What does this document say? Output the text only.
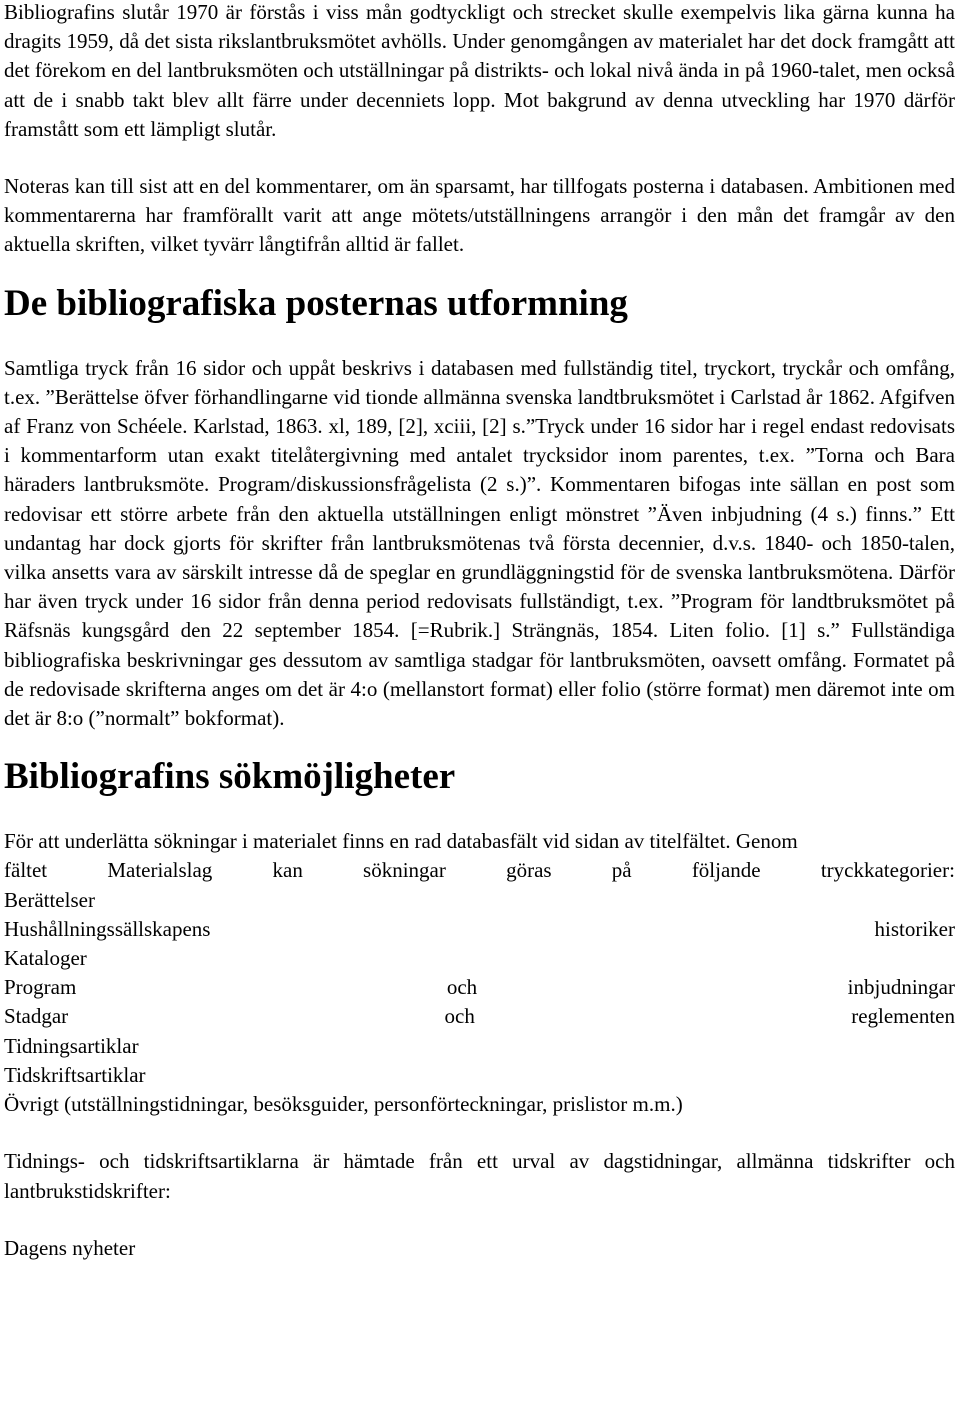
Bibliografins slutår 1970 är förstås i viss mån godtyckligt och strecket skulle exempelvis lika gärna kunna ha dragits 1959, då det sista rikslantbruksmötet avhölls. Under genomgången av materialet har det dock framgått att det förekom en del lantbruksmöten och utställningar på distrikts- och lokal nivå ända in på 1960-talet, men också att de i snabb takt blev allt färre under decenniets lopp. Mot bakgrund av denna utveckling har 1970 därför framstått som ett lämpligt slutår.

Noteras kan till sist att en del kommentarer, om än sparsamt, har tillfogats posterna i databasen. Ambitionen med kommentarerna har framförallt varit att ange mötets/utställningens arrangör i den mån det framgår av den aktuella skriften, vilket tyvärr långtifrån alltid är fallet.

De bibliografiska posternas utformning

Samtliga tryck från 16 sidor och uppåt beskrivs i databasen med fullständig titel, tryckort, tryckår och omfång, t.ex. ”Berättelse öfver förhandlingarne vid tionde allmänna svenska landtbruksmötet i Carlstad år 1862. Afgifven af Franz von Schéele. Karlstad, 1863. xl, 189, [2], xciii, [2] s.”Tryck under 16 sidor har i regel endast redovisats i kommentarform utan exakt titelåtergivning med antalet trycksidor inom parentes, t.ex. ”Torna och Bara häraders lantbruksmöte. Program/diskussionsfrågelista (2 s.)”. Kommentaren bifogas inte sällan en post som redovisar ett större arbete från den aktuella utställningen enligt mönstret ”Även inbjudning (4 s.) finns.” Ett undantag har dock gjorts för skrifter från lantbruksmötenas två första decennier, d.v.s. 1840- och 1850-talen, vilka ansetts vara av särskilt intresse då de speglar en grundläggningstid för de svenska lantbruksmötena. Därför har även tryck under 16 sidor från denna period redovisats fullständigt, t.ex. ”Program för landtbruksmötet på Räfsnäs kungsgård den 22 september 1854. [=Rubrik.] Strängnäs, 1854. Liten folio. [1] s.” Fullständiga bibliografiska beskrivningar ges dessutom av samtliga stadgar för lantbruksmöten, oavsett omfång. Formatet på de redovisade skrifterna anges om det är 4:o (mellanstort format) eller folio (större format) men däremot inte om det är 8:o (”normalt” bokformat).

Bibliografins sökmöjligheter
För att underlätta sökningar i materialet finns en rad databasfält vid sidan av titelfältet. Genom
fältet	Materialslag	kan	sökningar	göras	på	följande	tryckkategorier:
Berättelser
Hushållningssällskapens	historiker
Kataloger
Program	och	inbjudningar
Stadgar	och	reglementen
Tidningsartiklar
Tidskriftsartiklar
Övrigt (utställningstidningar, besöksguider, personförteckningar, prislistor m.m.)

Tidnings- och tidskriftsartiklarna är hämtade från ett urval av dagstidningar, allmänna tidskrifter och lantbrukstidskrifter:

Dagens nyheter
